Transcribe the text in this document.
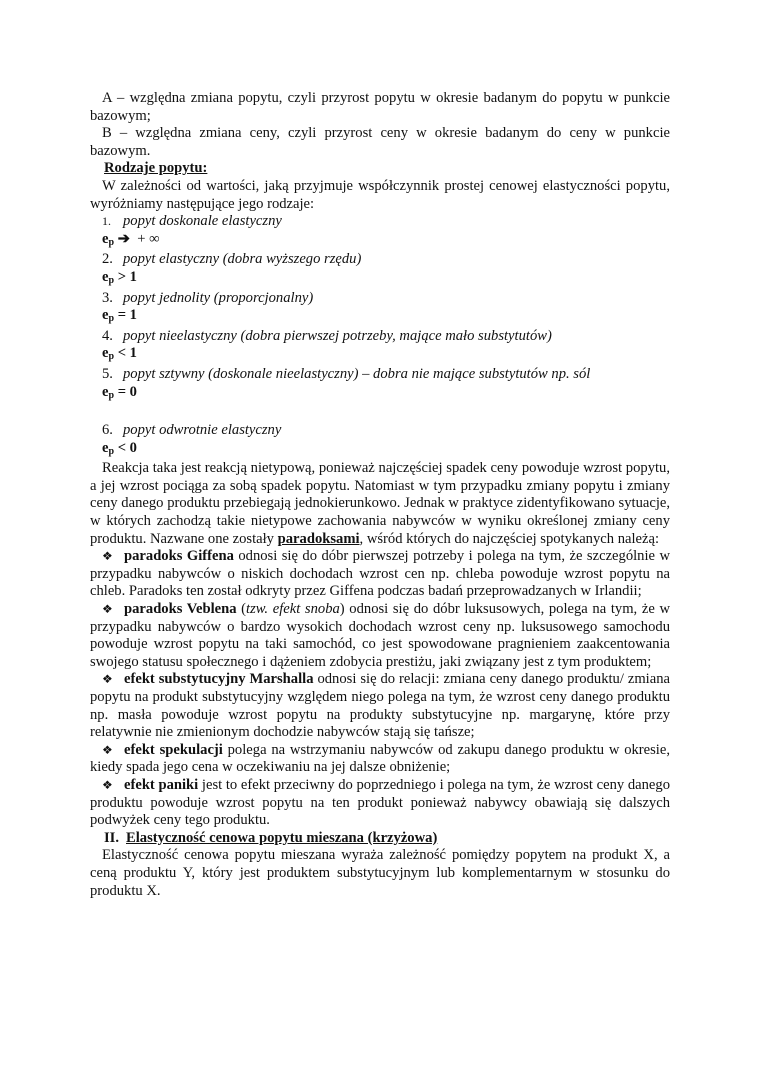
A – względna zmiana popytu, czyli przyrost popytu w okresie badanym do popytu w punkcie bazowym;

B – względna zmiana ceny, czyli przyrost ceny w okresie badanym do ceny w punkcie bazowym.

Rodzaje popytu:

W zależności od wartości, jaką przyjmuje współczynnik prostej cenowej elastyczności popytu, wyróżniamy następujące jego rodzaje:

1. popyt doskonale elastyczny

$e_p$ ➔ + ∞

2. popyt elastyczny (dobra wyższego rzędu)

$e_p > 1$

3. popyt jednolity (proporcjonalny)

$e_p = 1$

4. popyt nieelastyczny (dobra pierwszej potrzeby, mające mało substytutów)

$e_p < 1$

5. popyt sztywny (doskonale nieelastyczny) – dobra nie mające substytutów np. sól

$e_p = 0$

6. popyt odwrotnie elastyczny

$e_p < 0$

Reakcja taka jest reakcją nietypową, ponieważ najczęściej spadek ceny powoduje wzrost popytu, a jej wzrost pociąga za sobą spadek popytu. Natomiast w tym przypadku zmiany popytu i zmiany ceny danego produktu przebiegają jednokierunkowo. Jednak w praktyce zidentyfikowano sytuacje, w których zachodzą takie nietypowe zachowania nabywców w wyniku określonej zmiany ceny produktu. Nazwane one zostały paradoksami, wśród których do najczęściej spotykanych należą:

❖ paradoks Giffena odnosi się do dóbr pierwszej potrzeby i polega na tym, że szczególnie w przypadku nabywców o niskich dochodach wzrost cen np. chleba powoduje wzrost popytu na chleb. Paradoks ten został odkryty przez Giffena podczas badań przeprowadzanych w Irlandii;

❖ paradoks Veblena (tzw. efekt snoba) odnosi się do dóbr luksusowych, polega na tym, że w przypadku nabywców o bardzo wysokich dochodach wzrost ceny np. luksusowego samochodu powoduje wzrost popytu na taki samochód, co jest spowodowane pragnieniem zaakcentowania swojego statusu społecznego i dążeniem zdobycia prestiżu, jaki związany jest z tym produktem;

❖ efekt substytucyjny Marshalla odnosi się do relacji: zmiana ceny danego produktu/ zmiana popytu na produkt substytucyjny względem niego polega na tym, że wzrost ceny danego produktu np. masła powoduje wzrost popytu na produkty substytucyjne np. margarynę, które przy relatywnie nie zmienionym dochodzie nabywców stają się tańsze;

❖ efekt spekulacji polega na wstrzymaniu nabywców od zakupu danego produktu w okresie, kiedy spada jego cena w oczekiwaniu na jej dalsze obniżenie;

❖ efekt paniki jest to efekt przeciwny do poprzedniego i polega na tym, że wzrost ceny danego produktu powoduje wzrost popytu na ten produkt ponieważ nabywcy obawiają się dalszych podwyżek ceny tego produktu.

II. Elastyczność cenowa popytu mieszana (krzyżowa)

Elastyczność cenowa popytu mieszana wyraża zależność pomiędzy popytem na produkt X, a ceną produktu Y, który jest produktem substytucyjnym lub komplementarnym w stosunku do produktu X.
